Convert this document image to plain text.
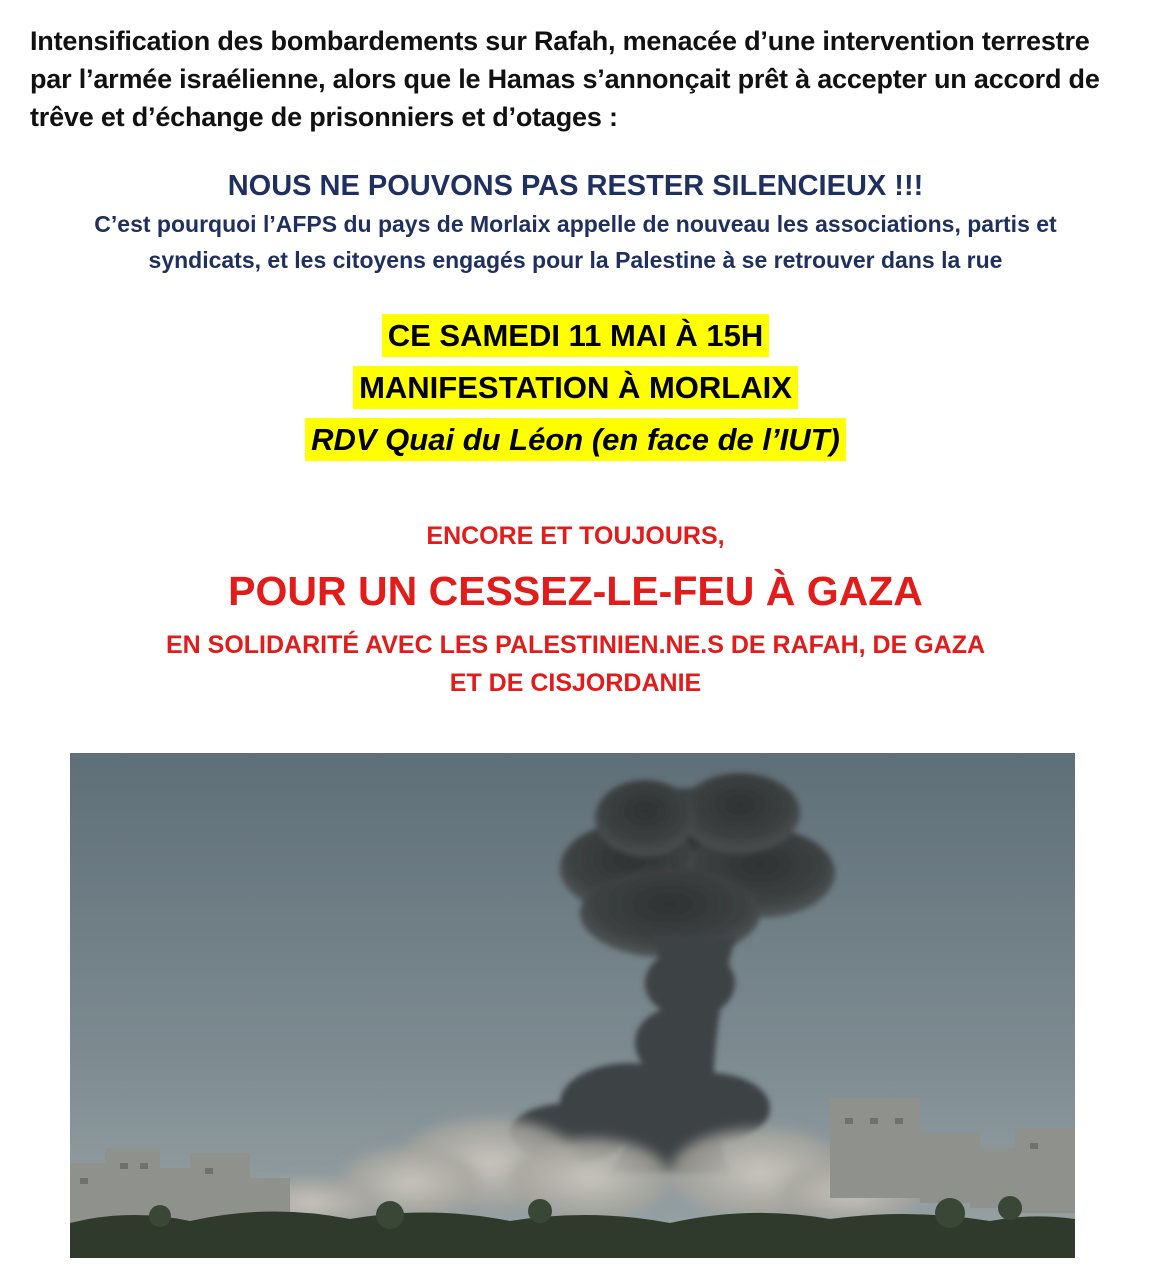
Intensification des bombardements sur Rafah, menacée d’une intervention terrestre
par l’armée israélienne, alors que le Hamas s’annonçait prêt à accepter un accord de
trêve et d’échange de prisonniers et d’otages :
NOUS NE POUVONS PAS RESTER SILENCIEUX !!!
C’est pourquoi l’AFPS du pays de Morlaix appelle de nouveau les associations, partis et
syndicats, et les citoyens engagés pour la Palestine à se retrouver dans la rue
CE SAMEDI 11 MAI À 15H
MANIFESTATION À MORLAIX
RDV Quai du Léon (en face de l’IUT)
ENCORE ET TOUJOURS,
POUR UN CESSEZ-LE-FEU À GAZA
EN SOLIDARITÉ AVEC LES PALESTINIEN.NE.S DE RAFAH, DE GAZA
ET DE CISJORDANIE
